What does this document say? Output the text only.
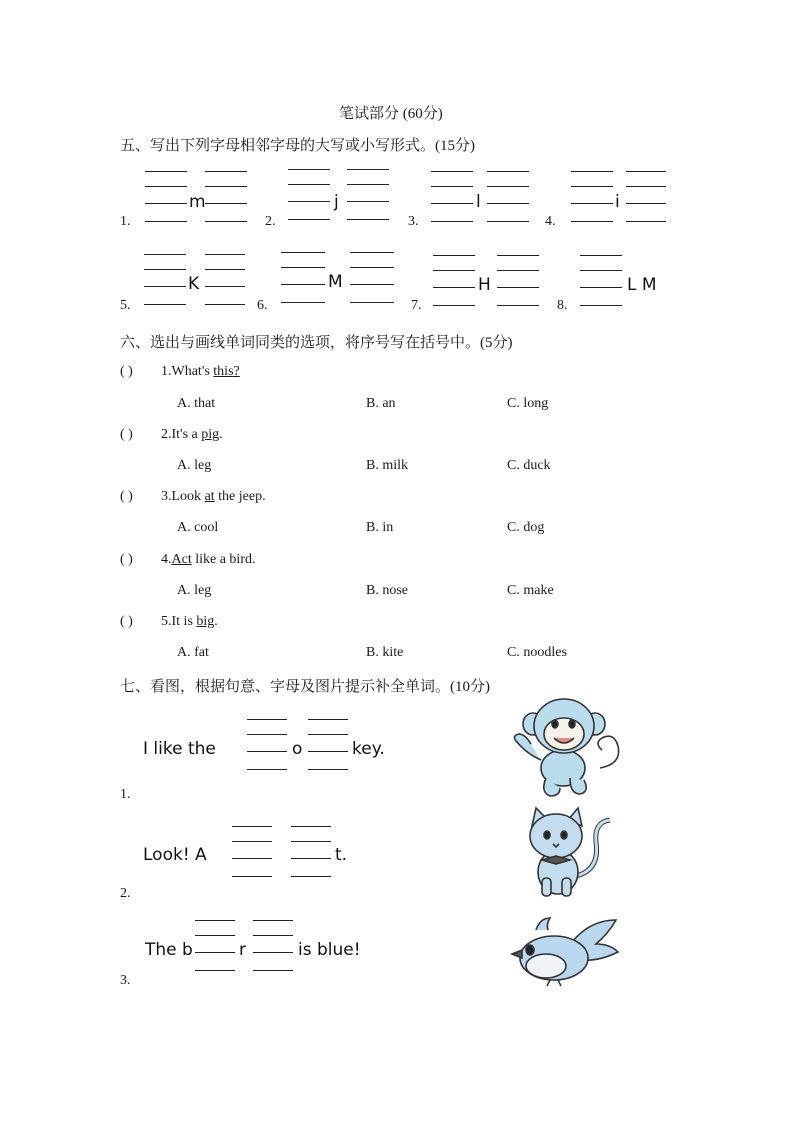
笔试部分 (60分)
五、写出下列字母相邻字母的大写或小写形式。(15分)
m
1.
j
2.
l
3.
i
4.
K
5.
M
6.
H
7.
L M
8.
六、选出与画线单词同类的选项，将序号写在括号中。(5分)
( ) 1.What's this?
A. that	B. an	C. long
( ) 2.It's a pig.
A. leg	B. milk	C. duck
( ) 3.Look at the jeep.
A. cool	B. in	C. dog
( ) 4.Act like a bird.
A. leg	B. nose	C. make
( ) 5.It is big.
A. fat	B. kite	C. noodles
七、看图，根据句意、字母及图片提示补全单词。(10分)
I like the	o	key.
1.
Look! A	t.
2.
The b	r	is blue!
3.
